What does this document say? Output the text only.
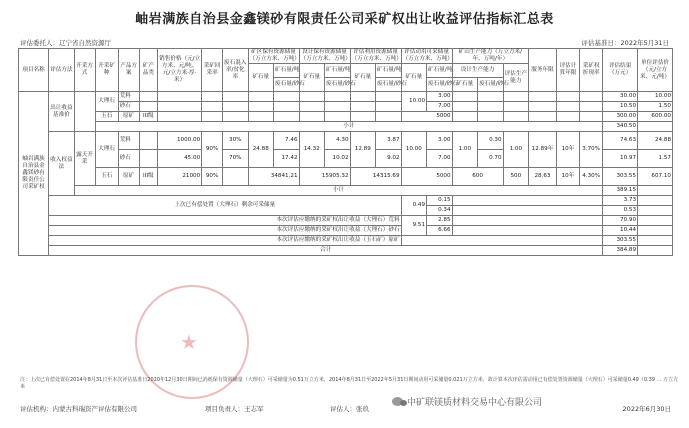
岫岩满族自治县金鑫镁砂有限责任公司采矿权出让收益评估指标汇总表
评估委托人：辽宁省自然资源厅	评估基准日：2022年5月31日
项目名称	评估方法	开采方式	开采矿种	产品方案	矿产品类	销售价格（元/立方米、元/吨、元/立方米·厚·米）	采矿回采率	废石混入率/贫化率	矿区保有资源储量（万立方米、万吨）		设计保有资源储量（万立方米、万吨）		评估利用资源储量（万立方米、万吨）		评估动用可采储量（万立方米、万吨）		矿山生产能力（万立方米/年、万吨/年）			服务年限	评估计算年限	采矿权折现率	评估结果（万元）	单位评估价（元/立方米、元/吨）
									矿石量	矿石量/吨	矿石量	矿石量/吨	矿石量	矿石量/吨	矿石量	矿石量/吨	设计生产能力		评估生产能力					
										废石量/砂石		废石量/砂石		废石量/砂石		废石量/砂石	矿石量	废石量/砂石						
岫岩满族自治县金鑫镁砂有限责任公司采矿权	出让收益基准价		大理石	荒料											10.00	3.00							30.00	10.00
				砂石												7.00							10.50	1.50
			玉石	原矿	III级										5000								300.00	600.00
			小计																				340.50	
	收入权益法	露天开采	大理石	荒料		1000.00	90%	30%	24.88	7.46	14.32	4.30	12.89	3.87	10.00	3.00	1.00	0.30	1.00	12.89年	10年	3.70%	74.63	24.88
				砂石		45.00		70%		17.42		10.02		9.02		7.00		0.70					10.97	1.57
			玉石	原矿	III级	21000	90%		34841.21		15905.32		14315.69		5000		600		500	28.63	10年	4.30%	303.55	607.10
		小计																					389.15	
	上次已有偿处置（大理石）剩余可采储量														0.49	0.15							3.73	
																0.34							0.53	
	本次评估应缴纳的采矿权出让收益（大理石）荒料														9.51	2.85							70.90	
	本次评估应缴纳的采矿权出让收益（大理石）砂石															6.66							10.44	
	本次评估应缴纳的采矿权出让收益（玉石矿）原矿																						303.55	
	合计																						384.89	
★
注：上次已有偿处置在2014年8月31日至本次评估基准日2020年12月30日期间已消耗保有资源储量（大理石）可采储量为0.51万立方米，2014年8月31日至2022年5月31日期间动用可采储量0.021万立方米，故计算本次评估需动用已有偿处置资源储量（大理石）可采储量0.49（0.39 … 万立方米
评估机构：内蒙古科瑞资产评估有限公司	项目负责人：王志军	评估人：张玖	2022年6月30日
中矿联镁质材料交易中心有限公司
